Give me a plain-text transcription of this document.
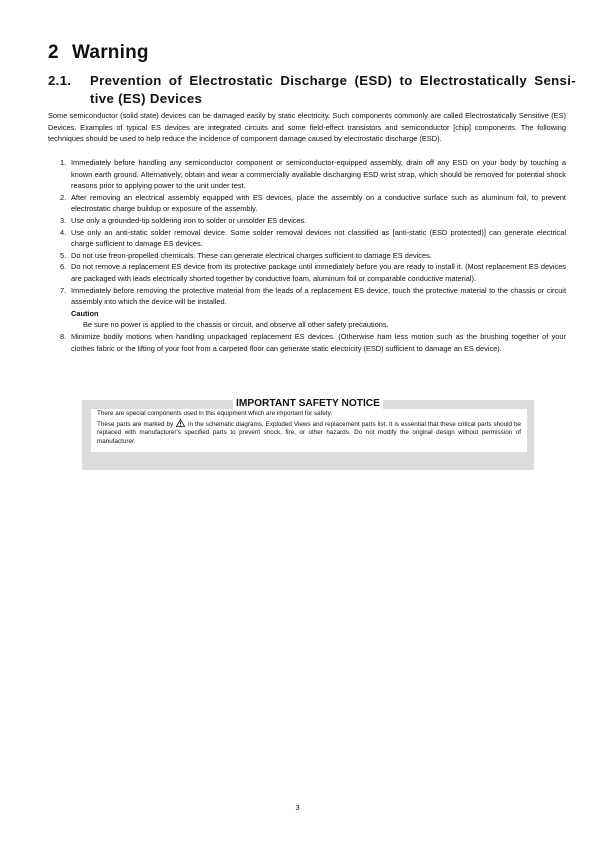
2 Warning
2.1. Prevention of Electrostatic Discharge (ESD) to Electrostatically Sensi-tive (ES) Devices
Some semiconductor (solid state) devices can be damaged easily by static electricity. Such components commonly are called Electrostatically Sensitive (ES) Devices. Examples of typical ES devices are integrated circuits and some field-effect transistors and semiconductor [chip] components. The following techniques should be used to help reduce the incidence of component damage caused by electrostatic discharge (ESD).
1. Immediately before handling any semiconductor component or semiconductor-equipped assembly, drain off any ESD on your body by touching a known earth ground. Alternatively, obtain and wear a commercially available discharging ESD wrist strap, which should be removed for potential shock reasons prior to applying power to the unit under test.
2. After removing an electrical assembly equipped with ES devices, place the assembly on a conductive surface such as aluminum foil, to prevent electrostatic charge buildup or exposure of the assembly.
3. Use only a grounded-tip soldering iron to solder or unsolder ES devices.
4. Use only an anti-static solder removal device. Some solder removal devices not classified as [anti-static (ESD protected)] can generate electrical charge sufficient to damage ES devices.
5. Do not use freon-propelled chemicals. These can generate electrical charges sufficient to damage ES devices.
6. Do not remove a replacement ES device from its protective package until immediately before you are ready to install it. (Most replacement ES devices are packaged with leads electrically shorted together by conductive foam, aluminum foil or comparable conductive material).
7. Immediately before removing the protective material from the leads of a replacement ES device, touch the protective material to the chassis or circuit assembly into which the device will be installed.
Caution
Be sure no power is applied to the chassis or circuit, and observe all other safety precautions.
8. Minimize bodily motions when handling unpackaged replacement ES devices. (Otherwise ham less motion such as the brushing together of your clothes fabric or the lifting of your foot from a carpeted floor can generate static electricity (ESD) sufficient to damage an ES device).
IMPORTANT SAFETY NOTICE

There are special components used in this equipment which are important for safety.

These parts are marked by  in the schematic diagrams, Exploded Views and replacement parts list. It is essential that these critical parts should be replaced with manufacturer's specified parts to prevent shock, fire, or other hazards. Do not modify the original design without permission of manufacturer.

3
